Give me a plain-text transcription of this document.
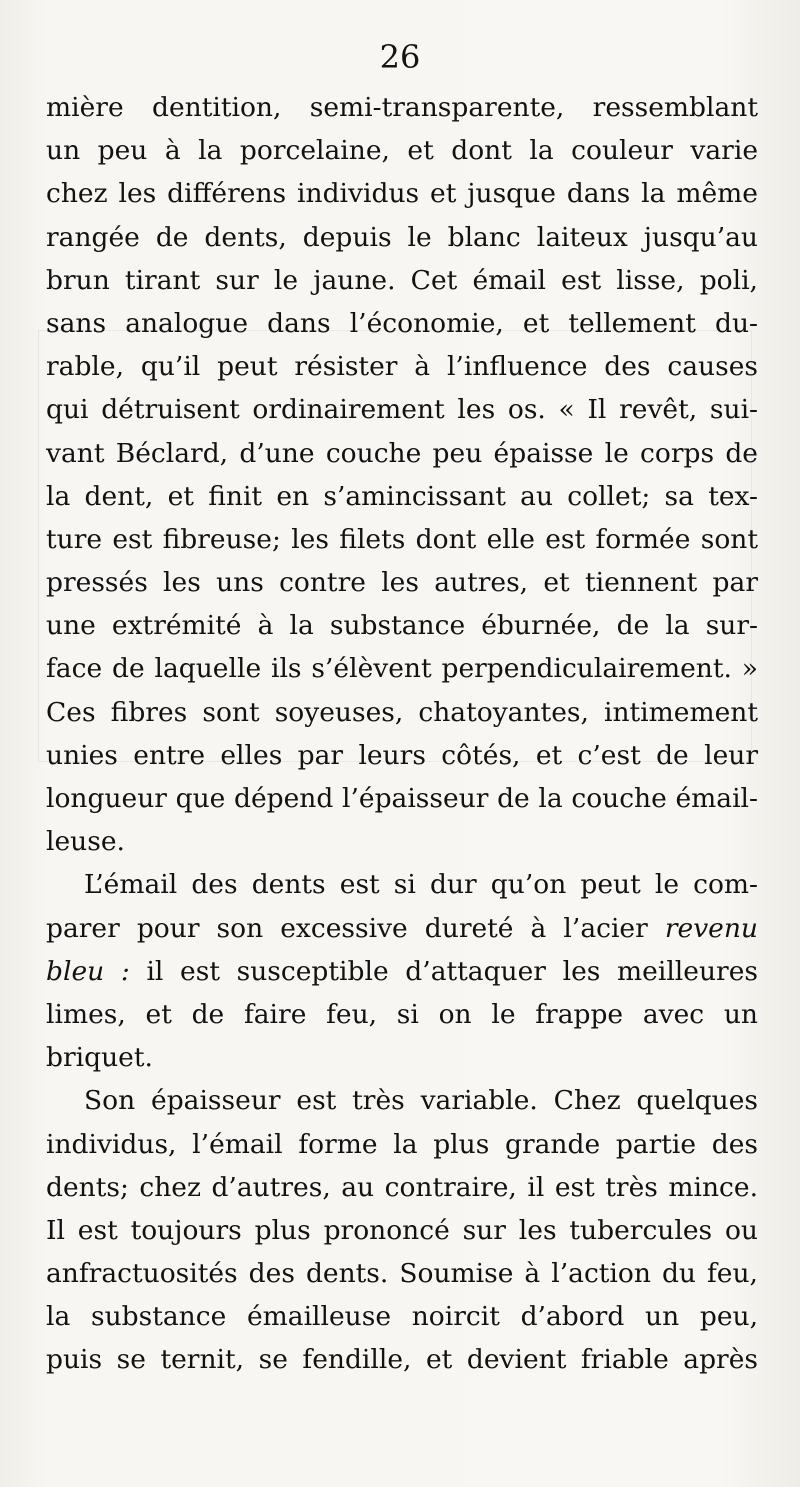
26
mière dentition, semi-transparente, ressemblant
un peu à la porcelaine, et dont la couleur varie
chez les différens individus et jusque dans la même
rangée de dents, depuis le blanc laiteux jusqu’au
brun tirant sur le jaune. Cet émail est lisse, poli,
sans analogue dans l’économie, et tellement du-
rable, qu’il peut résister à l’influence des causes
qui détruisent ordinairement les os. « Il revêt, sui-
vant Béclard, d’une couche peu épaisse le corps de
la dent, et finit en s’amincissant au collet; sa tex-
ture est fibreuse; les filets dont elle est formée sont
pressés les uns contre les autres, et tiennent par
une extrémité à la substance éburnée, de la sur-
face de laquelle ils s’élèvent perpendiculairement. »
Ces fibres sont soyeuses, chatoyantes, intimement
unies entre elles par leurs côtés, et c’est de leur
longueur que dépend l’épaisseur de la couche émail-
leuse.
L’émail des dents est si dur qu’on peut le com-
parer pour son excessive dureté à l’acier revenu
bleu : il est susceptible d’attaquer les meilleures
limes, et de faire feu, si on le frappe avec un
briquet.
Son épaisseur est très variable. Chez quelques
individus, l’émail forme la plus grande partie des
dents; chez d’autres, au contraire, il est très mince.
Il est toujours plus prononcé sur les tubercules ou
anfractuosités des dents. Soumise à l’action du feu,
la substance émailleuse noircit d’abord un peu,
puis se ternit, se fendille, et devient friable après
